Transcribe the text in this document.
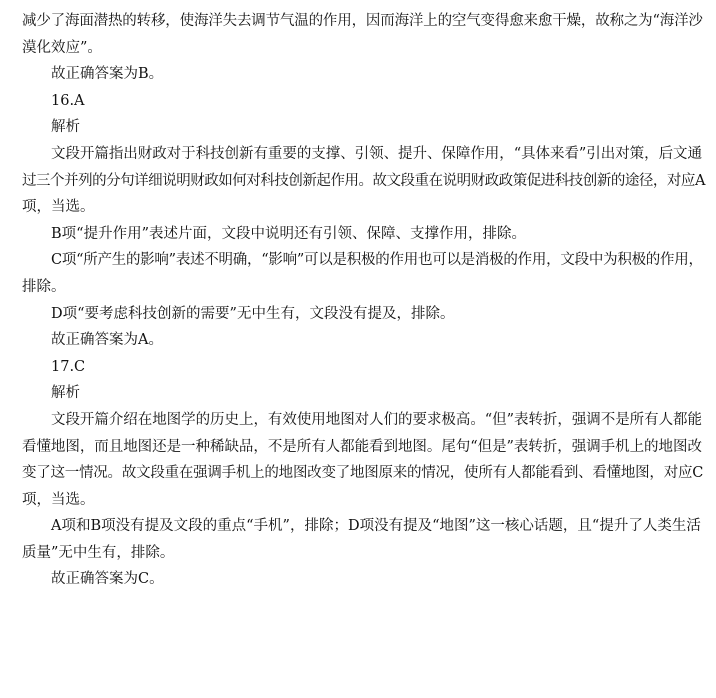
减少了海面潜热的转移，使海洋失去调节气温的作用，因而海洋上的空气变得愈来愈干燥，故称之为“海洋沙

漠化效应”。

故正确答案为B。

16.A

解析

文段开篇指出财政对于科技创新有重要的支撑、引领、提升、保障作用，“具体来看”引出对策，后文通

过三个并列的分句详细说明财政如何对科技创新起作用。故文段重在说明财政政策促进科技创新的途径，对应A

项，当选。

B项“提升作用”表述片面，文段中说明还有引领、保障、支撑作用，排除。

C项“所产生的影响”表述不明确，“影响”可以是积极的作用也可以是消极的作用，文段中为积极的作用，

排除。

D项“要考虑科技创新的需要”无中生有，文段没有提及，排除。

故正确答案为A。

17.C

解析

文段开篇介绍在地图学的历史上，有效使用地图对人们的要求极高。“但”表转折，强调不是所有人都能

看懂地图，而且地图还是一种稀缺品，不是所有人都能看到地图。尾句“但是”表转折，强调手机上的地图改

变了这一情况。故文段重在强调手机上的地图改变了地图原来的情况，使所有人都能看到、看懂地图，对应C

项，当选。

A项和B项没有提及文段的重点“手机”，排除；D项没有提及“地图”这一核心话题，且“提升了人类生活

质量”无中生有，排除。

故正确答案为C。
